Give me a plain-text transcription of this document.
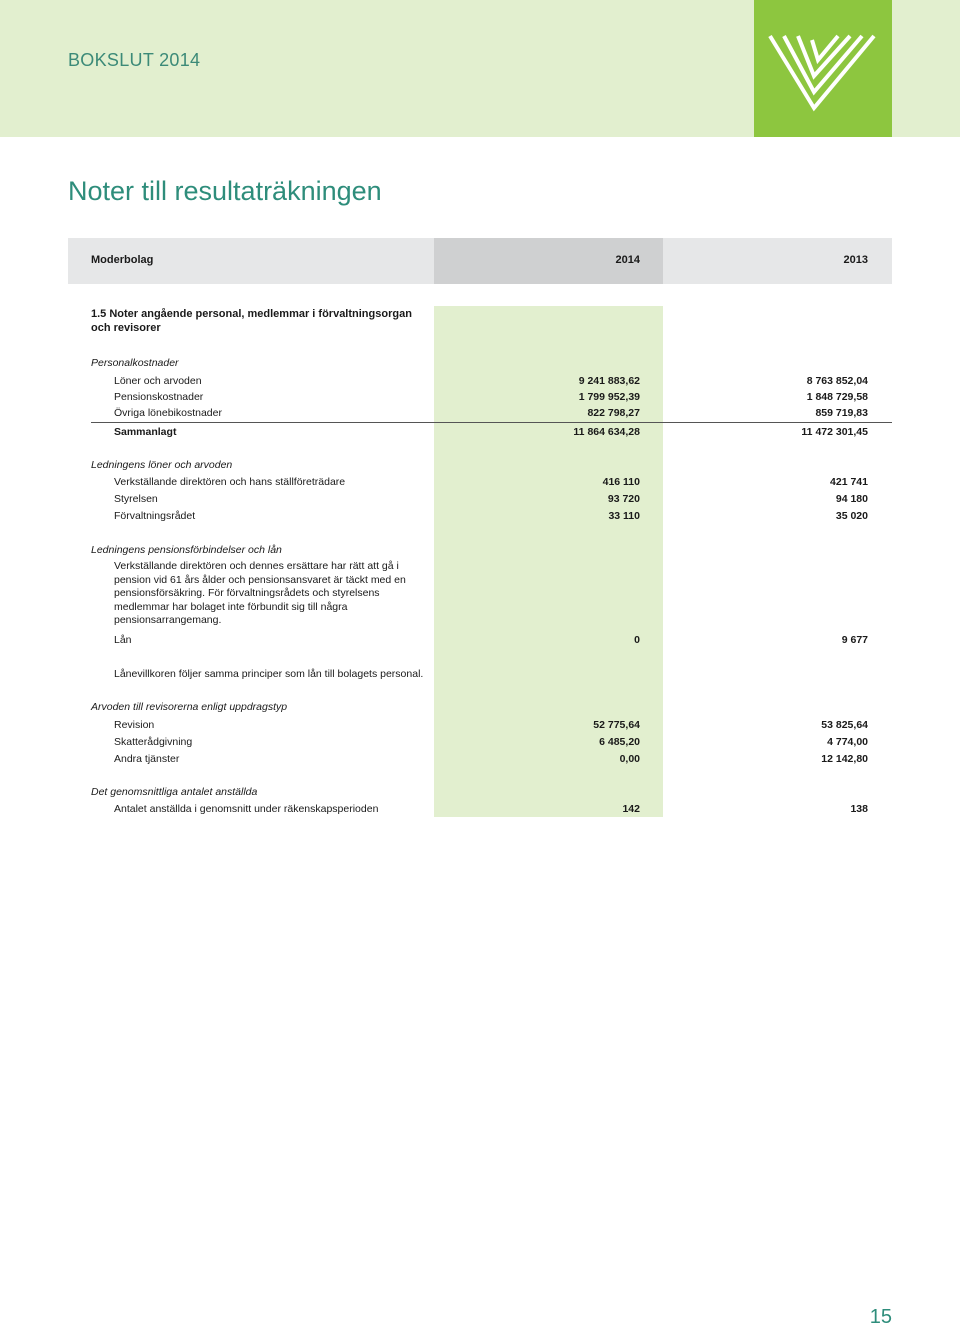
BOKSLUT 2014
Noter till resultaträkningen
Moderbolag	2014	2013
1.5 Noter angående personal, medlemmar i förvaltningsorgan och revisorer
Personalkostnader
Löner och arvoden	9 241 883,62	8 763 852,04
Pensionskostnader	1 799 952,39	1 848 729,58
Övriga lönebikostnader	822 798,27	859 719,83
Sammanlagt	11 864 634,28	11 472 301,45
Ledningens löner och arvoden
Verkställande direktören och hans ställföreträdare	416 110	421 741
Styrelsen	93 720	94 180
Förvaltningsrådet	33 110	35 020
Ledningens pensionsförbindelser och lån
Verkställande direktören och dennes ersättare har rätt att gå i pension vid 61 års ålder och pensionsansvaret är täckt med en pensionsförsäkring. För förvaltningsrådets och styrelsens medlemmar har bolaget inte förbundit sig till några pensionsarrangemang.
Lån	0	9 677
Lånevillkoren följer samma principer som lån till bolagets personal.
Arvoden till revisorerna enligt uppdragstyp
Revision	52 775,64	53 825,64
Skatterådgivning	6 485,20	4 774,00
Andra tjänster	0,00	12 142,80
Det genomsnittliga antalet anställda
Antalet anställda i genomsnitt under räkenskapsperioden	142	138
15
